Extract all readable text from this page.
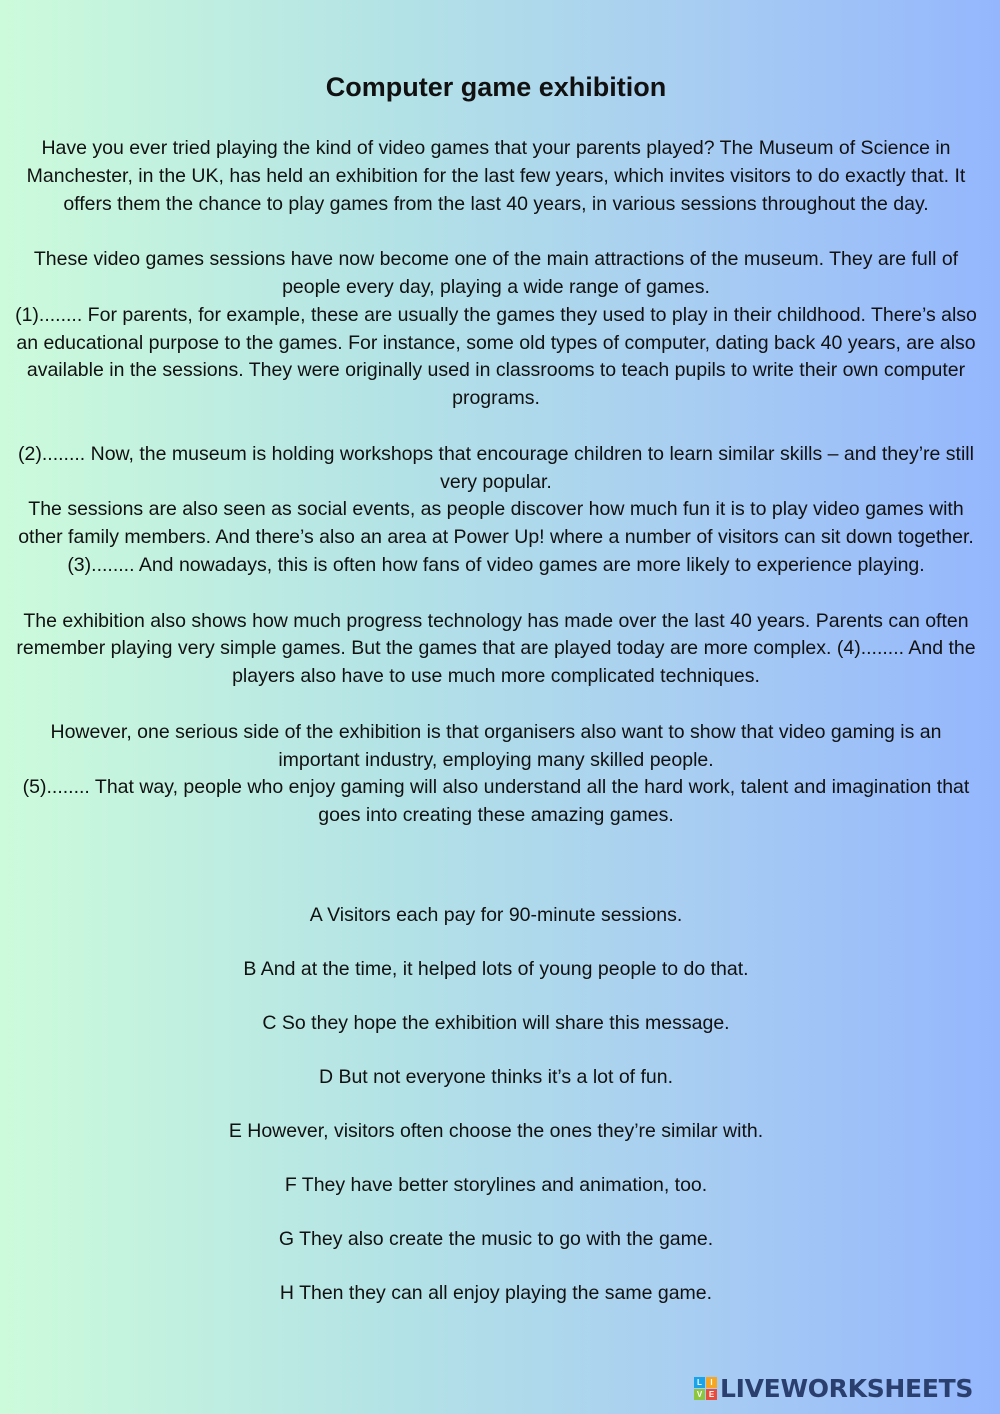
Computer game exhibition

Have you ever tried playing the kind of video games that your parents played? The Museum of Science in Manchester, in the UK, has held an exhibition for the last few years, which invites visitors to do exactly that. It offers them the chance to play games from the last 40 years, in various sessions throughout the day.

These video games sessions have now become one of the main attractions of the museum. They are full of people every day, playing a wide range of games.

(1)........ For parents, for example, these are usually the games they used to play in their childhood. There’s also an educational purpose to the games. For instance, some old types of computer, dating back 40 years, are also available in the sessions. They were originally used in classrooms to teach pupils to write their own computer programs.

(2)........ Now, the museum is holding workshops that encourage children to learn similar skills – and they’re still very popular.

The sessions are also seen as social events, as people discover how much fun it is to play video games with other family members. And there’s also an area at Power Up! where a number of visitors can sit down together. (3)........ And nowadays, this is often how fans of video games are more likely to experience playing.

The exhibition also shows how much progress technology has made over the last 40 years. Parents can often remember playing very simple games. But the games that are played today are more complex. (4)........ And the players also have to use much more complicated techniques.

However, one serious side of the exhibition is that organisers also want to show that video gaming is an important industry, employing many skilled people.

(5)........ That way, people who enjoy gaming will also understand all the hard work, talent and imagination that goes into creating these amazing games.

A Visitors each pay for 90-minute sessions.

B And at the time, it helped lots of young people to do that.

C So they hope the exhibition will share this message.

D But not everyone thinks it’s a lot of fun.

E However, visitors often choose the ones they’re similar with.

F They have better storylines and animation, too.

G They also create the music to go with the game.

H Then they can all enjoy playing the same game.

L	I
V E LIVEWORKSHEETS
